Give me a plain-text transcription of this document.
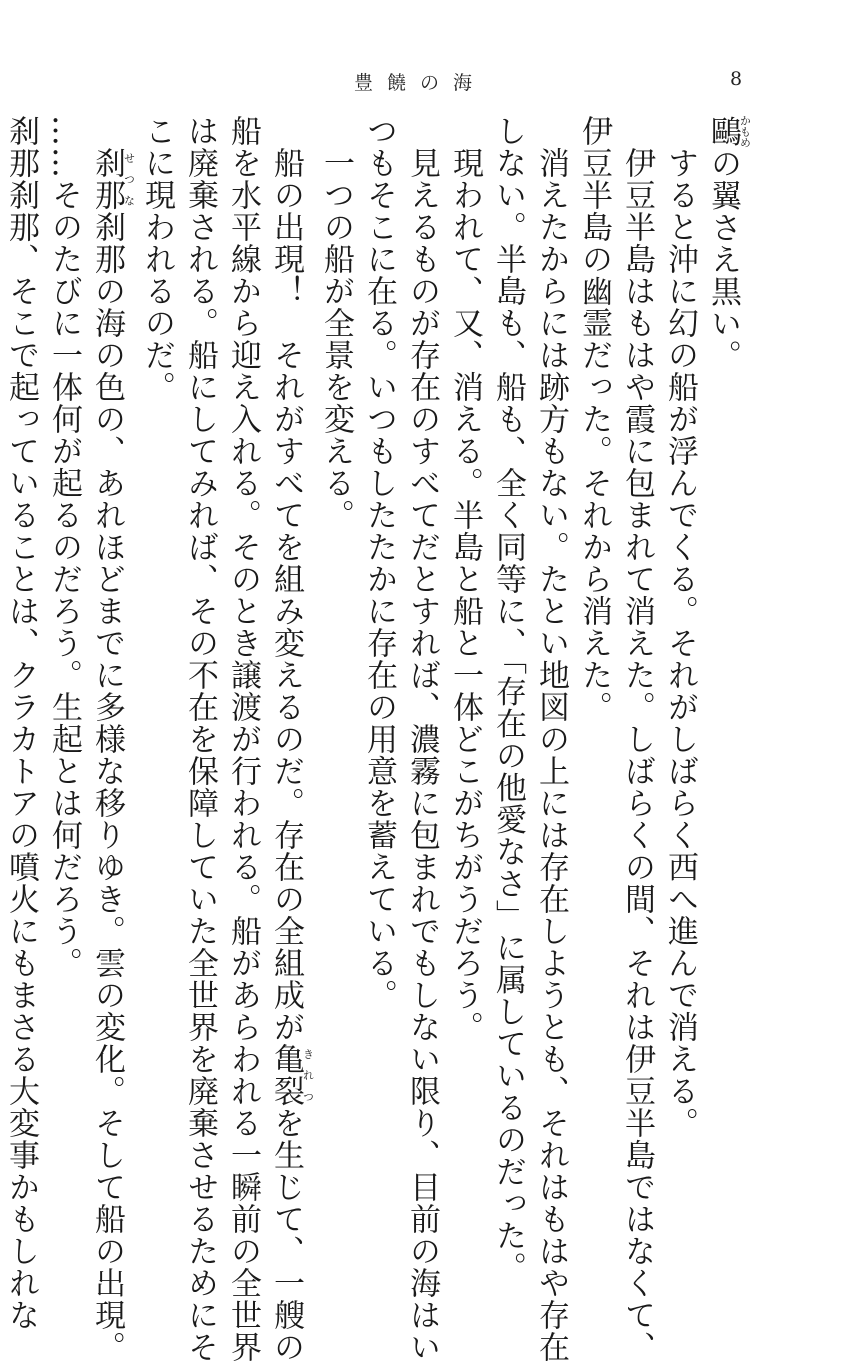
豊饒の海	8

鷗かもめの翼さえ黒い。

　すると沖に幻の船が浮んでくる。それがしばらく西へ進んで消える。

　伊豆半島はもはや霞に包まれて消えた。しばらくの間、それは伊豆半島ではなくて、

伊豆半島の幽霊だった。それから消えた。

　消えたからには跡方もない。たとい地図の上には存在しようとも、それはもはや存在

しない。半島も、船も、全く同等に、「存在の他愛なさ」に属しているのだった。

　現われて、又、消える。半島と船と一体どこがちがうだろう。

　見えるものが存在のすべてだとすれば、濃霧に包まれでもしない限り、目前の海はい

つもそこに在る。いつもしたたかに存在の用意を蓄えている。

　一つの船が全景を変える。

　船の出現！　それがすべてを組み変えるのだ。存在の全組成が亀裂きれつを生じて、一艘の

船を水平線から迎え入れる。そのとき譲渡が行われる。船があらわれる一瞬前の全世界

は廃棄される。船にしてみれば、その不在を保障していた全世界を廃棄させるためにそ

こに現われるのだ。

　刹那せつな刹那の海の色の、あれほどまでに多様な移りゆき。雲の変化。そして船の出現。

……そのたびに一体何が起るのだろう。生起とは何だろう。

刹那刹那、そこで起っていることは、クラカトアの噴火にもまさる大変事かもしれな
